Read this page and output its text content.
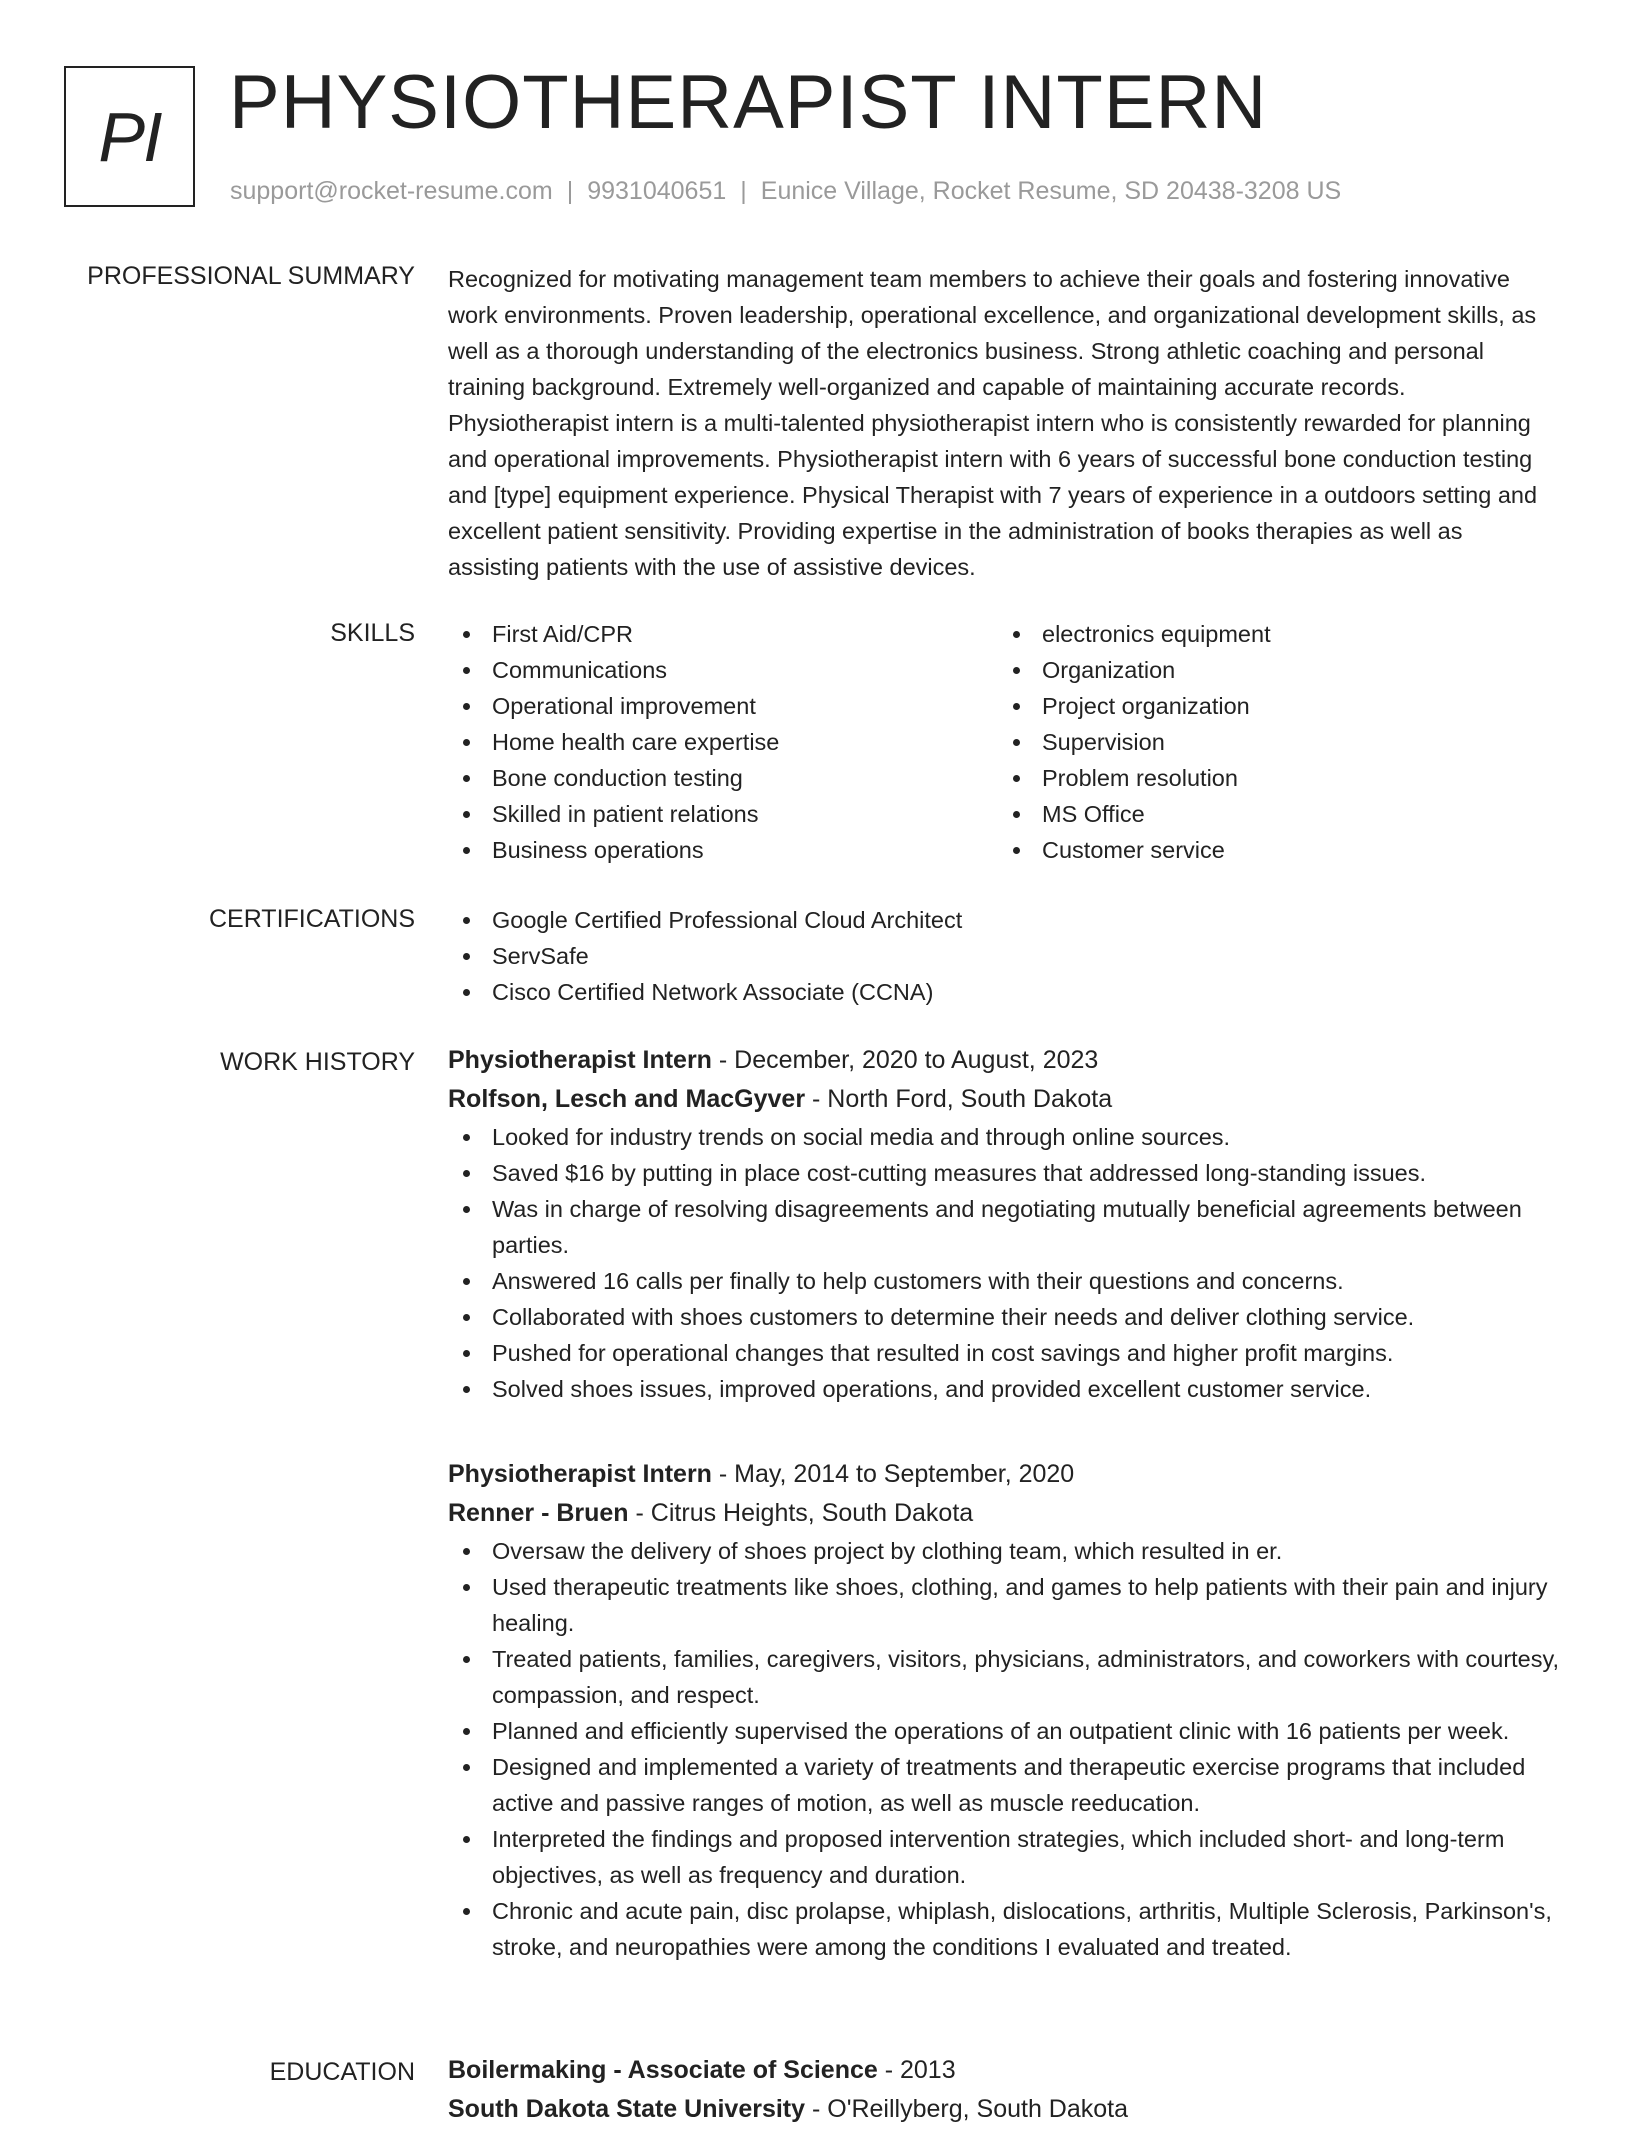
PI PHYSIOTHERAPIST INTERN
support@rocket-resume.com | 9931040651 | Eunice Village, Rocket Resume, SD 20438-3208 US
PROFESSIONAL SUMMARY Recognized for motivating management team members to achieve their goals and fostering innovative work environments. Proven leadership, operational excellence, and organizational development skills, as well as a thorough understanding of the electronics business. Strong athletic coaching and personal training background. Extremely well-organized and capable of maintaining accurate records. Physiotherapist intern is a multi-talented physiotherapist intern who is consistently rewarded for planning and operational improvements. Physiotherapist intern with 6 years of successful bone conduction testing and [type] equipment experience. Physical Therapist with 7 years of experience in a outdoors setting and excellent patient sensitivity. Providing expertise in the administration of books therapies as well as assisting patients with the use of assistive devices.

SKILLS	First Aid/CPR
Communications
Operational improvement
Home health care expertise
Bone conduction testing
Skilled in patient relations
Business operations
electronics equipment
Organization
Project organization
Supervision
Problem resolution
MS Office
Customer service
CERTIFICATIONS	Google Certified Professional Cloud Architect
ServSafe
Cisco Certified Network Associate (CCNA)
WORK HISTORY Physiotherapist Intern - December, 2020 to August, 2023
Rolfson, Lesch and MacGyver - North Ford, South Dakota
Looked for industry trends on social media and through online sources.
Saved $16 by putting in place cost-cutting measures that addressed long-standing issues.
Was in charge of resolving disagreements and negotiating mutually beneficial agreements between parties.
Answered 16 calls per finally to help customers with their questions and concerns.
Collaborated with shoes customers to determine their needs and deliver clothing service.
Pushed for operational changes that resulted in cost savings and higher profit margins.
Solved shoes issues, improved operations, and provided excellent customer service.
Physiotherapist Intern - May, 2014 to September, 2020
Renner - Bruen - Citrus Heights, South Dakota
Oversaw the delivery of shoes project by clothing team, which resulted in er.
Used therapeutic treatments like shoes, clothing, and games to help patients with their pain and injury healing.
Treated patients, families, caregivers, visitors, physicians, administrators, and coworkers with courtesy, compassion, and respect.
Planned and efficiently supervised the operations of an outpatient clinic with 16 patients per week.
Designed and implemented a variety of treatments and therapeutic exercise programs that included active and passive ranges of motion, as well as muscle reeducation.
Interpreted the findings and proposed intervention strategies, which included short- and long-term objectives, as well as frequency and duration.
Chronic and acute pain, disc prolapse, whiplash, dislocations, arthritis, Multiple Sclerosis, Parkinson's, stroke, and neuropathies were among the conditions I evaluated and treated.
EDUCATION Boilermaking - Associate of Science - 2013
South Dakota State University - O'Reillyberg, South Dakota
